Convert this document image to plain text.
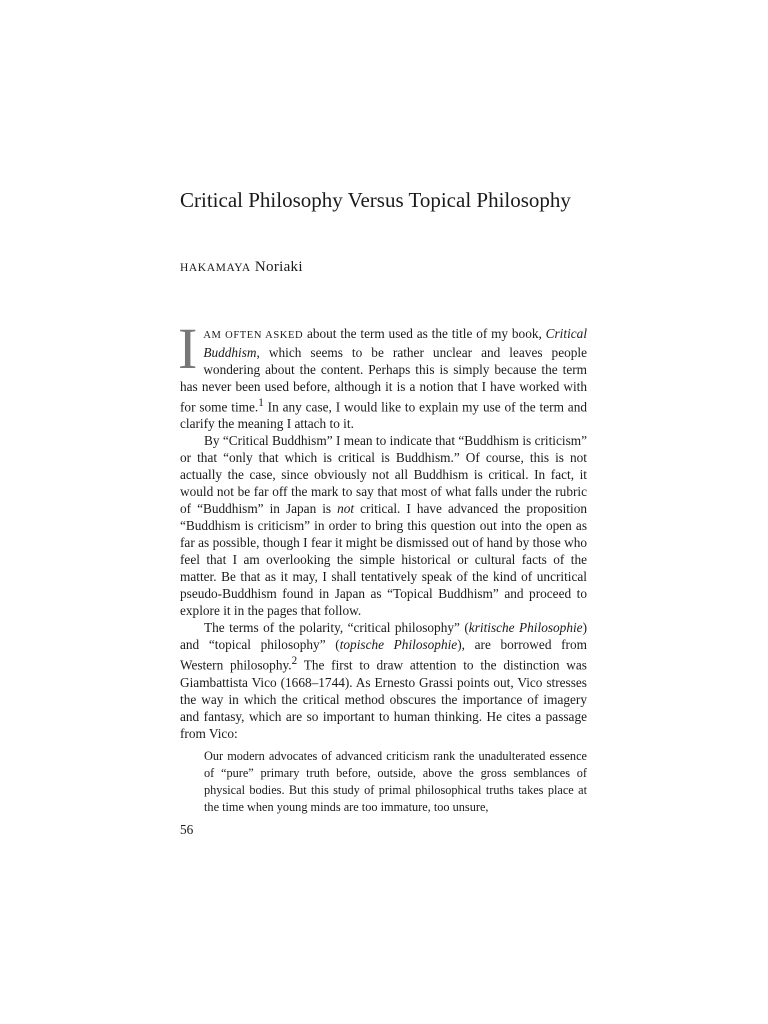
Critical Philosophy Versus Topical Philosophy
HAKAMAYA Noriaki

IAM OFTEN ASKED about the term used as the title of my book, Critical Buddhism, which seems to be rather unclear and leaves people wondering about the content. Perhaps this is simply because the term has never been used before, although it is a notion that I have worked with for some time.$^1$ In any case, I would like to explain my use of the term and clarify the meaning I attach to it.

By “Critical Buddhism” I mean to indicate that “Buddhism is criticism” or that “only that which is critical is Buddhism.” Of course, this is not actually the case, since obviously not all Buddhism is critical. In fact, it would not be far off the mark to say that most of what falls under the rubric of “Buddhism” in Japan is not critical. I have advanced the proposition “Buddhism is criticism” in order to bring this question out into the open as far as possible, though I fear it might be dismissed out of hand by those who feel that I am overlooking the simple historical or cultural facts of the matter. Be that as it may, I shall tentatively speak of the kind of uncritical pseudo-Buddhism found in Japan as “Topical Buddhism” and proceed to explore it in the pages that follow.

The terms of the polarity, “critical philosophy” (kritische Philosophie) and “topical philosophy” (topische Philosophie), are borrowed from Western philosophy.$^2$ The first to draw attention to the distinction was Giambattista Vico (1668–1744). As Ernesto Grassi points out, Vico stresses the way in which the critical method obscures the importance of imagery and fantasy, which are so important to human thinking. He cites a passage from Vico:

Our modern advocates of advanced criticism rank the unadulterated essence of “pure” primary truth before, outside, above the gross semblances of physical bodies. But this study of primal philosophical truths takes place at the time when young minds are too immature, too unsure,

56
